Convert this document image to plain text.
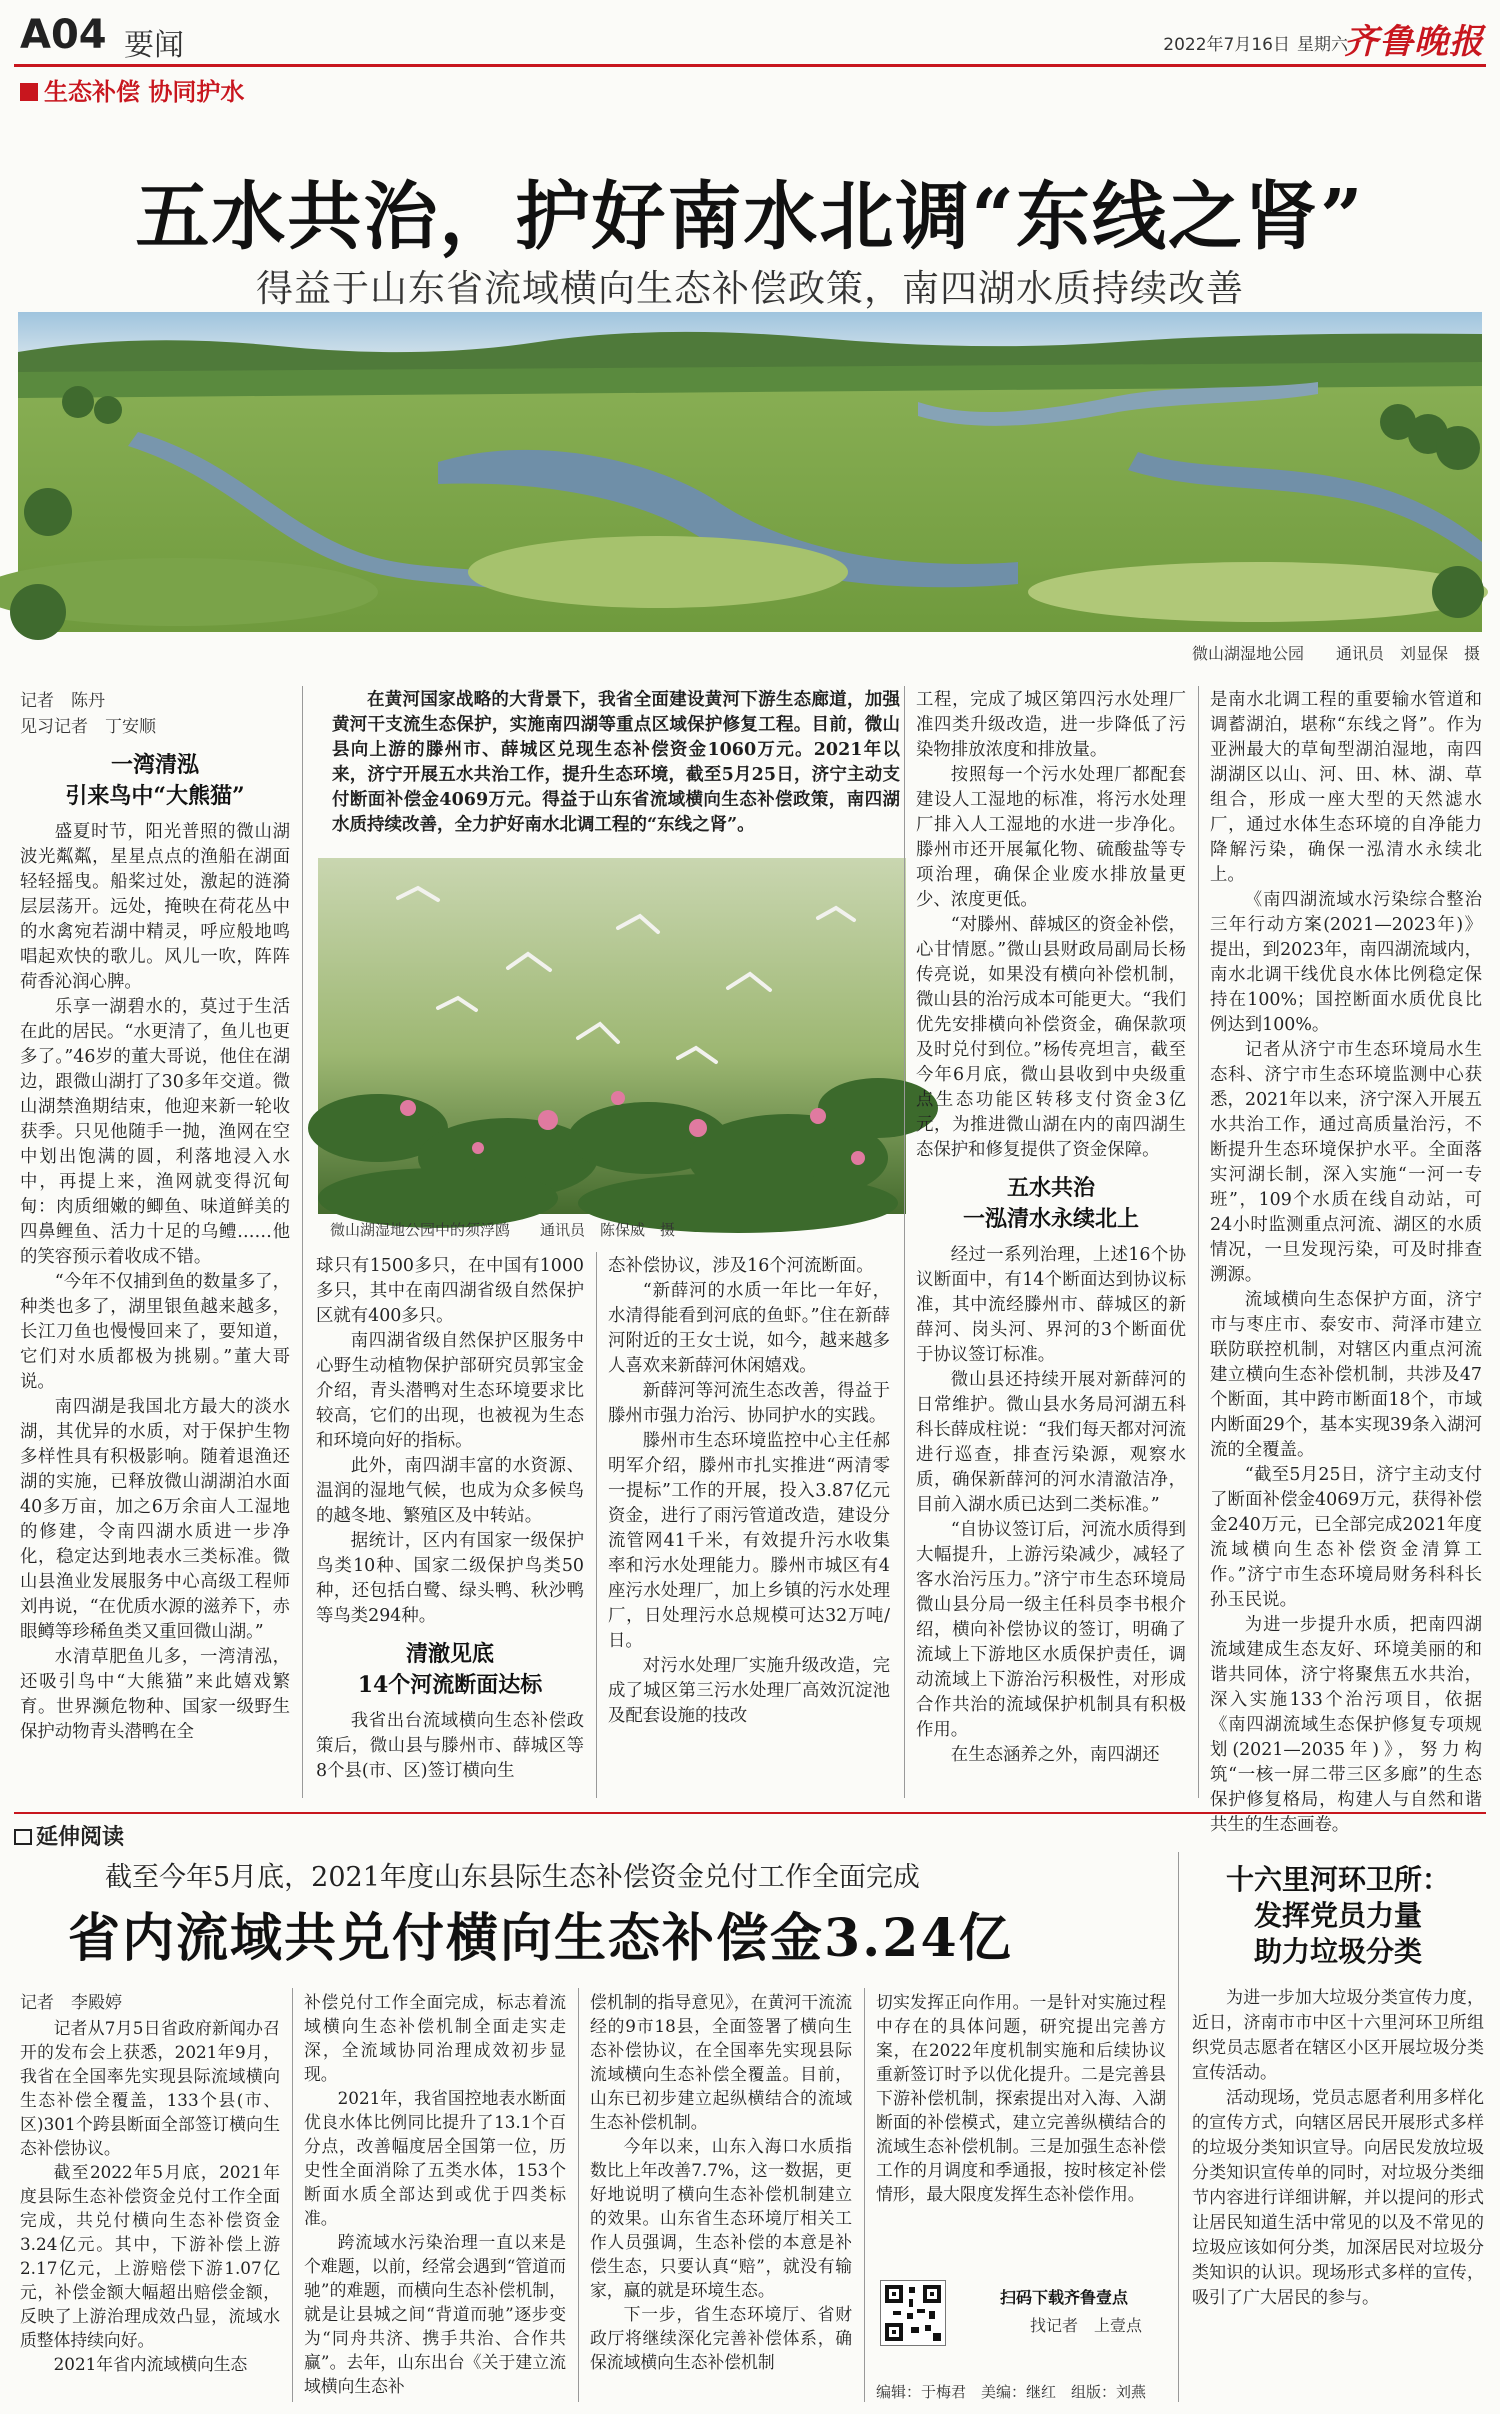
A04 要闻	2022年7月16日 星期六
齐鲁晚报
生态补偿 协同护水
五水共治，护好南水北调“东线之肾”
得益于山东省流域横向生态补偿政策，南四湖水质持续改善
微山湖湿地公园　　通讯员　刘显保　摄
记者　陈丹
见习记者　丁安顺
一湾清泓
引来鸟中“大熊猫”

盛夏时节，阳光普照的微山湖波光粼粼，星星点点的渔船在湖面轻轻摇曳。船桨过处，激起的涟漪层层荡开。远处，掩映在荷花丛中的水禽宛若湖中精灵，呼应般地鸣唱起欢快的歌儿。风儿一吹，阵阵荷香沁润心脾。

乐享一湖碧水的，莫过于生活在此的居民。“水更清了，鱼儿也更多了。”46岁的董大哥说，他住在湖边，跟微山湖打了30多年交道。微山湖禁渔期结束，他迎来新一轮收获季。只见他随手一抛，渔网在空中划出饱满的圆，利落地浸入水中，再提上来，渔网就变得沉甸甸：肉质细嫩的鲫鱼、味道鲜美的四鼻鲤鱼、活力十足的乌鳢……他的笑容预示着收成不错。

“今年不仅捕到鱼的数量多了，种类也多了，湖里银鱼越来越多，长江刀鱼也慢慢回来了，要知道，它们对水质都极为挑剔。”董大哥说。

南四湖是我国北方最大的淡水湖，其优异的水质，对于保护生物多样性具有积极影响。随着退渔还湖的实施，已释放微山湖湖泊水面40多万亩，加之6万余亩人工湿地的修建，令南四湖水质进一步净化，稳定达到地表水三类标准。微山县渔业发展服务中心高级工程师刘冉说，“在优质水源的滋养下，赤眼鳟等珍稀鱼类又重回微山湖。”

水清草肥鱼儿多，一湾清泓，还吸引鸟中“大熊猫”来此嬉戏繁育。世界濒危物种、国家一级野生保护动物青头潜鸭在全

在黄河国家战略的大背景下，我省全面建设黄河下游生态廊道，加强黄河干支流生态保护，实施南四湖等重点区域保护修复工程。目前，微山县向上游的滕州市、薛城区兑现生态补偿资金1060万元。2021年以来，济宁开展五水共治工作，提升生态环境，截至5月25日，济宁主动支付断面补偿金4069万元。得益于山东省流域横向生态补偿政策，南四湖水质持续改善，全力护好南水北调工程的“东线之肾”。

微山湖湿地公园中的须浮鸥　　通讯员　陈保威　摄

球只有1500多只，在中国有1000多只，其中在南四湖省级自然保护区就有400多只。

南四湖省级自然保护区服务中心野生动植物保护部研究员郭宝金介绍，青头潜鸭对生态环境要求比较高，它们的出现，也被视为生态和环境向好的指标。

此外，南四湖丰富的水资源、温润的湿地气候，也成为众多候鸟的越冬地、繁殖区及中转站。

据统计，区内有国家一级保护鸟类10种、国家二级保护鸟类50种，还包括白鹭、绿头鸭、秋沙鸭等鸟类294种。

清澈见底
14个河流断面达标

我省出台流域横向生态补偿政策后，微山县与滕州市、薛城区等8个县(市、区)签订横向生

态补偿协议，涉及16个河流断面。

“新薛河的水质一年比一年好，水清得能看到河底的鱼虾。”住在新薛河附近的王女士说，如今，越来越多人喜欢来新薛河休闲嬉戏。

新薛河等河流生态改善，得益于滕州市强力治污、协同护水的实践。

滕州市生态环境监控中心主任郝明军介绍，滕州市扎实推进“两清零一提标”工作的开展，投入3.87亿元资金，进行了雨污管道改造，建设分流管网41千米，有效提升污水收集率和污水处理能力。滕州市城区有4座污水处理厂，加上乡镇的污水处理厂，日处理污水总规模可达32万吨/日。

对污水处理厂实施升级改造，完成了城区第三污水处理厂高效沉淀池及配套设施的技改

工程，完成了城区第四污水处理厂准四类升级改造，进一步降低了污染物排放浓度和排放量。

按照每一个污水处理厂都配套建设人工湿地的标准，将污水处理厂排入人工湿地的水进一步净化。滕州市还开展氟化物、硫酸盐等专项治理，确保企业废水排放量更少、浓度更低。

“对滕州、薛城区的资金补偿，心甘情愿。”微山县财政局副局长杨传亮说，如果没有横向补偿机制，微山县的治污成本可能更大。“我们优先安排横向补偿资金，确保款项及时兑付到位。”杨传亮坦言，截至今年6月底，微山县收到中央级重点生态功能区转移支付资金3亿元，为推进微山湖在内的南四湖生态保护和修复提供了资金保障。

五水共治
一泓清水永续北上

经过一系列治理，上述16个协议断面中，有14个断面达到协议标准，其中流经滕州市、薛城区的新薛河、岗头河、界河的3个断面优于协议签订标准。

微山县还持续开展对新薛河的日常维护。微山县水务局河湖五科科长薛成柱说：“我们每天都对河流进行巡查，排查污染源，观察水质，确保新薛河的河水清澈洁净，目前入湖水质已达到二类标准。”

“自协议签订后，河流水质得到大幅提升，上游污染减少，减轻了客水治污压力。”济宁市生态环境局微山县分局一级主任科员李书根介绍，横向补偿协议的签订，明确了流域上下游地区水质保护责任，调动流域上下游治污积极性，对形成合作共治的流域保护机制具有积极作用。

在生态涵养之外，南四湖还

是南水北调工程的重要输水管道和调蓄湖泊，堪称“东线之肾”。作为亚洲最大的草甸型湖泊湿地，南四湖湖区以山、河、田、林、湖、草组合，形成一座大型的天然滤水厂，通过水体生态环境的自净能力降解污染，确保一泓清水永续北上。

《南四湖流域水污染综合整治三年行动方案(2021—2023年)》提出，到2023年，南四湖流域内，南水北调干线优良水体比例稳定保持在100%；国控断面水质优良比例达到100%。

记者从济宁市生态环境局水生态科、济宁市生态环境监测中心获悉，2021年以来，济宁深入开展五水共治工作，通过高质量治污，不断提升生态环境保护水平。全面落实河湖长制，深入实施“一河一专班”，109个水质在线自动站，可24小时监测重点河流、湖区的水质情况，一旦发现污染，可及时排查溯源。

流域横向生态保护方面，济宁市与枣庄市、泰安市、菏泽市建立联防联控机制，对辖区内重点河流建立横向生态补偿机制，共涉及47个断面，其中跨市断面18个，市域内断面29个，基本实现39条入湖河流的全覆盖。

“截至5月25日，济宁主动支付了断面补偿金4069万元，获得补偿金240万元，已全部完成2021年度流域横向生态补偿资金清算工作。”济宁市生态环境局财务科科长孙玉民说。

为进一步提升水质，把南四湖流域建成生态友好、环境美丽的和谐共同体，济宁将聚焦五水共治，深入实施133个治污项目，依据《南四湖流域生态保护修复专项规划(2021—2035年)》，努力构筑“一核一屏二带三区多廊”的生态保护修复格局，构建人与自然和谐共生的生态画卷。

延伸阅读
截至今年5月底，2021年度山东县际生态补偿资金兑付工作全面完成
省内流域共兑付横向生态补偿金3.24亿
记者　李殿婷

记者从7月5日省政府新闻办召开的发布会上获悉，2021年9月，我省在全国率先实现县际流域横向生态补偿全覆盖，133个县(市、区)301个跨县断面全部签订横向生态补偿协议。

截至2022年5月底，2021年度县际生态补偿资金兑付工作全面完成，共兑付横向生态补偿资金3.24亿元。其中，下游补偿上游2.17亿元，上游赔偿下游1.07亿元，补偿金额大幅超出赔偿金额，反映了上游治理成效凸显，流域水质整体持续向好。

2021年省内流域横向生态

补偿兑付工作全面完成，标志着流域横向生态补偿机制全面走实走深，全流域协同治理成效初步显现。

2021年，我省国控地表水断面优良水体比例同比提升了13.1个百分点，改善幅度居全国第一位，历史性全面消除了五类水体，153个断面水质全部达到或优于四类标准。

跨流域水污染治理一直以来是个难题，以前，经常会遇到“管道而驰”的难题，而横向生态补偿机制，就是让县城之间“背道而驰”逐步变为“同舟共济、携手共治、合作共赢”。去年，山东出台《关于建立流域横向生态补

偿机制的指导意见》，在黄河干流流经的9市18县，全面签署了横向生态补偿协议，在全国率先实现县际流域横向生态补偿全覆盖。目前，山东已初步建立起纵横结合的流域生态补偿机制。

今年以来，山东入海口水质指数比上年改善7.7%，这一数据，更好地说明了横向生态补偿机制建立的效果。山东省生态环境厅相关工作人员强调，生态补偿的本意是补偿生态，只要认真“赔”，就没有输家，赢的就是环境生态。

下一步，省生态环境厅、省财政厅将继续深化完善补偿体系，确保流域横向生态补偿机制

切实发挥正向作用。一是针对实施过程中存在的具体问题，研究提出完善方案，在2022年度机制实施和后续协议重新签订时予以优化提升。二是完善县下游补偿机制，探索提出对入海、入湖断面的补偿模式，建立完善纵横结合的流域生态补偿机制。三是加强生态补偿工作的月调度和季通报，按时核定补偿情形，最大限度发挥生态补偿作用。

扫码下载齐鲁壹点
找记者　上壹点
编辑：于梅君　美编：继红　组版：刘燕
十六里河环卫所：
发挥党员力量
助力垃圾分类

为进一步加大垃圾分类宣传力度，近日，济南市市中区十六里河环卫所组织党员志愿者在辖区小区开展垃圾分类宣传活动。

活动现场，党员志愿者利用多样化的宣传方式，向辖区居民开展形式多样的垃圾分类知识宣导。向居民发放垃圾分类知识宣传单的同时，对垃圾分类细节内容进行详细讲解，并以提问的形式让居民知道生活中常见的以及不常见的垃圾应该如何分类，加深居民对垃圾分类知识的认识。现场形式多样的宣传，吸引了广大居民的参与。
